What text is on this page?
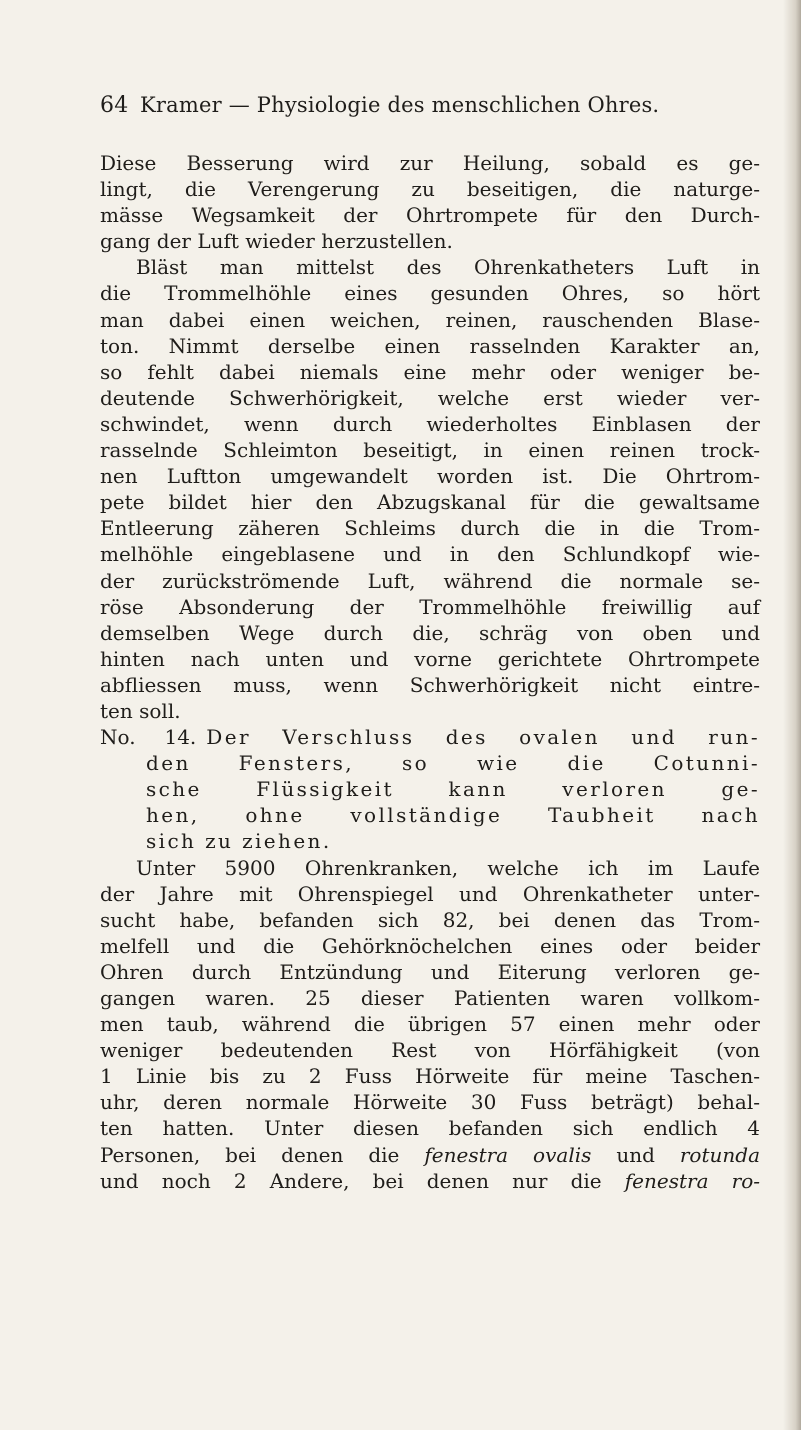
64 Kramer — Physiologie des menschlichen Ohres.
Diese Besserung wird zur Heilung, sobald es ge-
lingt, die Verengerung zu beseitigen, die naturge-
mässe Wegsamkeit der Ohrtrompete für den Durch-
gang der Luft wieder herzustellen.
Bläst man mittelst des Ohrenkatheters Luft in
die Trommelhöhle eines gesunden Ohres, so hört
man dabei einen weichen, reinen, rauschenden Blase-
ton. Nimmt derselbe einen rasselnden Karakter an,
so fehlt dabei niemals eine mehr oder weniger be-
deutende Schwerhörigkeit, welche erst wieder ver-
schwindet, wenn durch wiederholtes Einblasen der
rasselnde Schleimton beseitigt, in einen reinen trock-
nen Luftton umgewandelt worden ist. Die Ohrtrom-
pete bildet hier den Abzugskanal für die gewaltsame
Entleerung zäheren Schleims durch die in die Trom-
melhöhle eingeblasene und in den Schlundkopf wie-
der zurückströmende Luft, während die normale se-
röse Absonderung der Trommelhöhle freiwillig auf
demselben Wege durch die, schräg von oben und
hinten nach unten und vorne gerichtete Ohrtrompete
abfliessen muss, wenn Schwerhörigkeit nicht eintre-
ten soll.
No. 14. Der Verschluss des ovalen und run-
den Fensters, so wie die Cotunni-
sche Flüssigkeit kann verloren ge-
hen, ohne vollständige Taubheit nach
sich zu ziehen.
Unter 5900 Ohrenkranken, welche ich im Laufe
der Jahre mit Ohrenspiegel und Ohrenkatheter unter-
sucht habe, befanden sich 82, bei denen das Trom-
melfell und die Gehörknöchelchen eines oder beider
Ohren durch Entzündung und Eiterung verloren ge-
gangen waren. 25 dieser Patienten waren vollkom-
men taub, während die übrigen 57 einen mehr oder
weniger bedeutenden Rest von Hörfähigkeit (von
1 Linie bis zu 2 Fuss Hörweite für meine Taschen-
uhr, deren normale Hörweite 30 Fuss beträgt) behal-
ten hatten. Unter diesen befanden sich endlich 4
Personen, bei denen die fenestra ovalis und rotunda
und noch 2 Andere, bei denen nur die fenestra ro-
